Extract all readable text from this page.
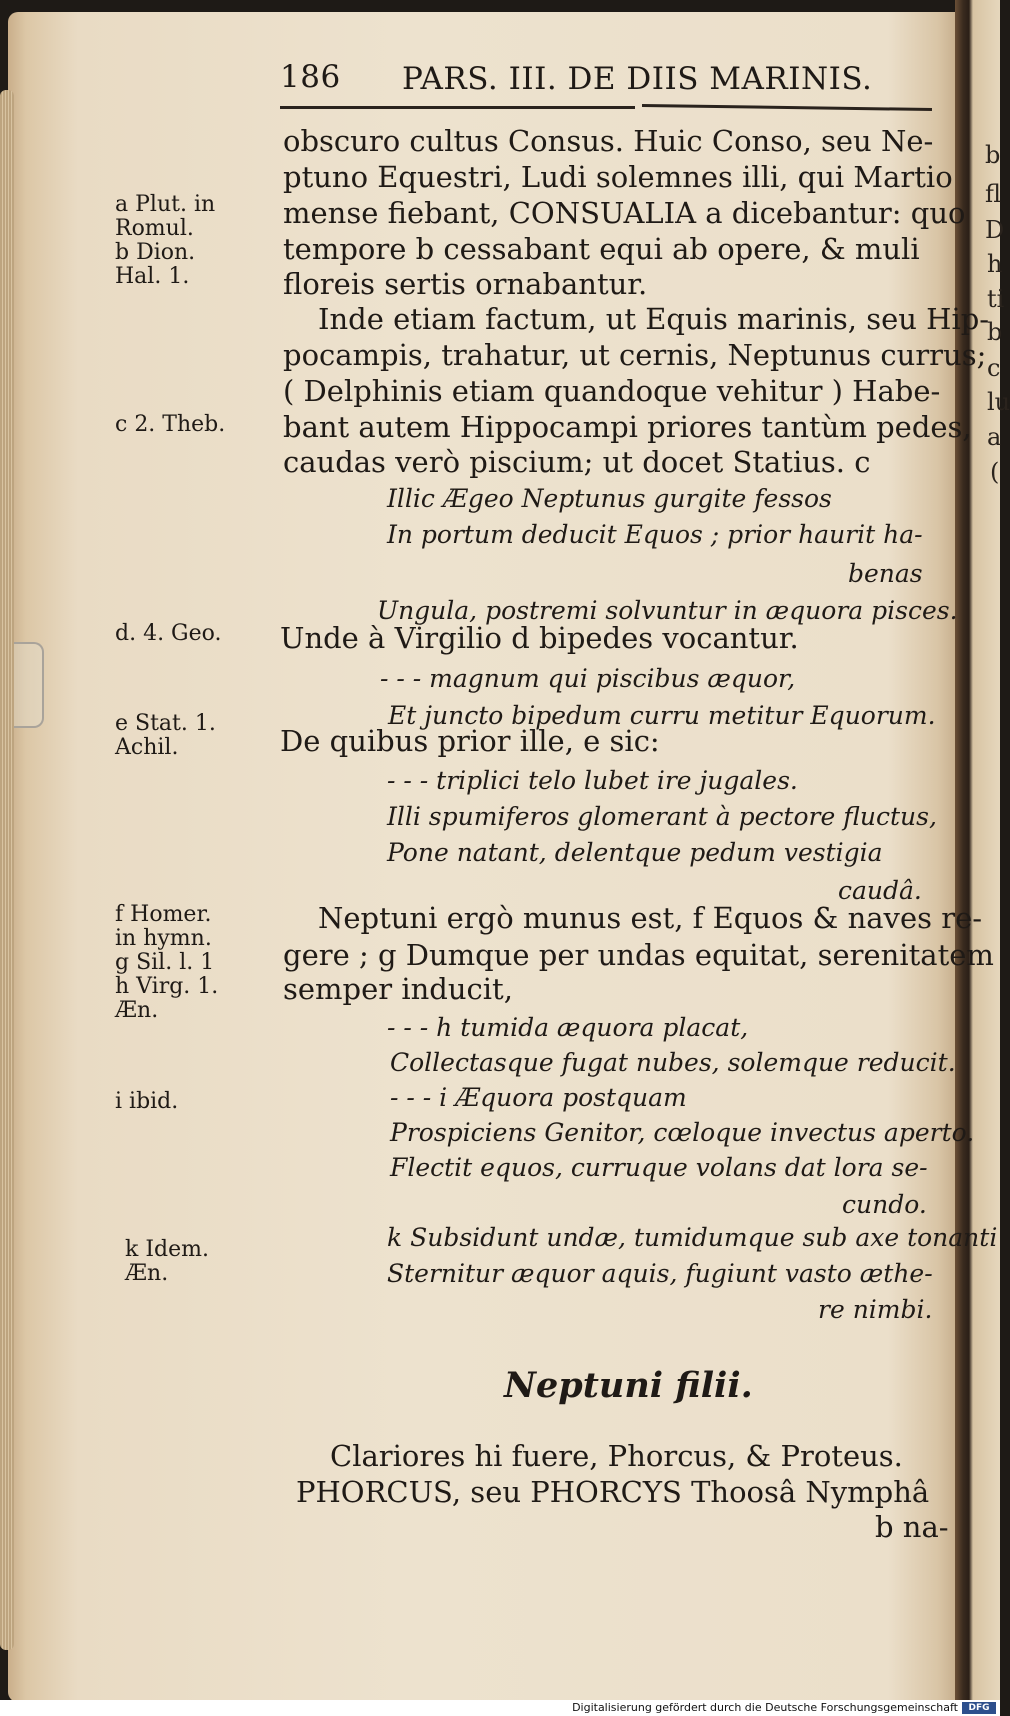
b
fl
D
h
ti
b
c
lu
a
(
186 PARS. III. DE DIIS MARINIS.
a Plut. in
Romul.
b Dion.
Hal. 1.
c 2. Theb.
d. 4. Geo.
e Stat. 1.
Achil.
f Homer.
in hymn.
g Sil. l. 1
h Virg. 1.
Æn.
i ibid.
k Idem.
Æn.
obscuro cultus Consus. Huic Conso, seu Ne-
ptuno Equestri, Ludi solemnes illi, qui Martio
mense fiebant, CONSUALIA a dicebantur: quo
tempore b cessabant equi ab opere, & muli
floreis sertis ornabantur.
Inde etiam factum, ut Equis marinis, seu Hip-
pocampis, trahatur, ut cernis, Neptunus currus;
( Delphinis etiam quandoque vehitur ) Habe-
bant autem Hippocampi priores tantùm pedes,
caudas verò piscium; ut docet Statius. c
Illic Ægeo Neptunus gurgite fessos
In portum deducit Equos ; prior haurit ha-
benas
Ungula, postremi solvuntur in æquora pisces.
Unde à Virgilio d bipedes vocantur.
- - - magnum qui piscibus æquor,
Et juncto bipedum curru metitur Equorum.
De quibus prior ille, e sic:
- - - triplici telo lubet ire jugales.
Illi spumiferos glomerant à pectore fluctus,
Pone natant, delentque pedum vestigia
caudâ.
Neptuni ergò munus est, f Equos & naves re-
gere ; g Dumque per undas equitat, serenitatem
semper inducit,
- - - h tumida æquora placat,
Collectasque fugat nubes, solemque reducit.
- - - i Æquora postquam
Prospiciens Genitor, cœloque invectus aperto.
Flectit equos, curruque volans dat lora se-
cundo.
k Subsidunt undæ, tumidumque sub axe tonanti
Sternitur æquor aquis, fugiunt vasto æthe-
re nimbi.
Neptuni filii.
Clariores hi fuere, Phorcus, & Proteus.
PHORCUS, seu PHORCYS Thoosâ Nymphâ
b na-
Digitalisierung gefördert durch die Deutsche Forschungsgemeinschaft	DFG
